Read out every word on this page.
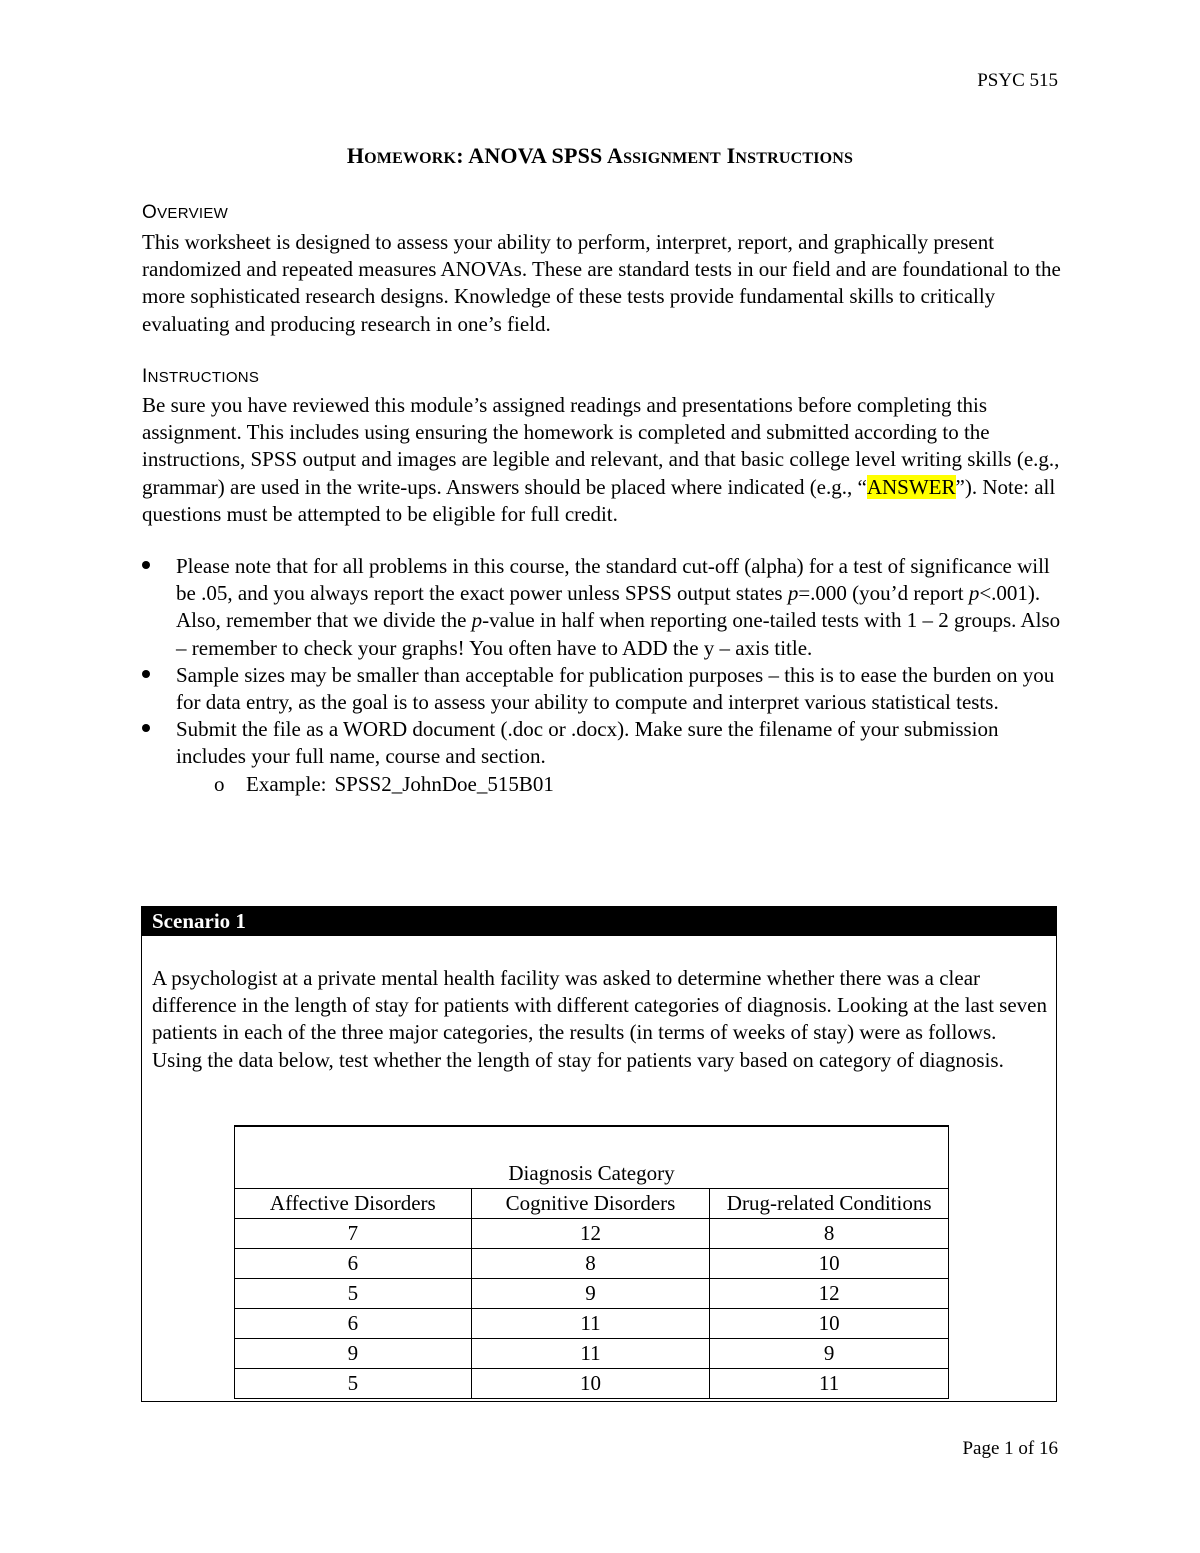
PSYC 515
HOMEWORK: ANOVA SPSS ASSIGNMENT INSTRUCTIONS
OVERVIEW
This worksheet is designed to assess your ability to perform, interpret, report, and graphically present randomized and repeated measures ANOVAs. These are standard tests in our field and are foundational to the more sophisticated research designs. Knowledge of these tests provide fundamental skills to critically evaluating and producing research in one’s field.
INSTRUCTIONS
Be sure you have reviewed this module’s assigned readings and presentations before completing this assignment. This includes using ensuring the homework is completed and submitted according to the instructions, SPSS output and images are legible and relevant, and that basic college level writing skills (e.g., grammar) are used in the write-ups. Answers should be placed where indicated (e.g., “ANSWER”). Note: all questions must be attempted to be eligible for full credit.
Please note that for all problems in this course, the standard cut-off (alpha) for a test of significance will be .05, and you always report the exact power unless SPSS output states p=.000 (you’d report p<.001). Also, remember that we divide the p-value in half when reporting one-tailed tests with 1 – 2 groups. Also – remember to check your graphs! You often have to ADD the y – axis title.
Sample sizes may be smaller than acceptable for publication purposes – this is to ease the burden on you for data entry, as the goal is to assess your ability to compute and interpret various statistical tests.
Submit the file as a WORD document (.doc or .docx). Make sure the filename of your submission includes your full name, course and section.
o Example: SPSS2_JohnDoe_515B01
Scenario 1
A psychologist at a private mental health facility was asked to determine whether there was a clear difference in the length of stay for patients with different categories of diagnosis. Looking at the last seven patients in each of the three major categories, the results (in terms of weeks of stay) were as follows. Using the data below, test whether the length of stay for patients vary based on category of diagnosis.
Diagnosis Category		
Affective Disorders	Cognitive Disorders	Drug-related Conditions
7	12	8
6	8	10
5	9	12
6	11	10
9	11	9
5	10	11
Page 1 of 16
